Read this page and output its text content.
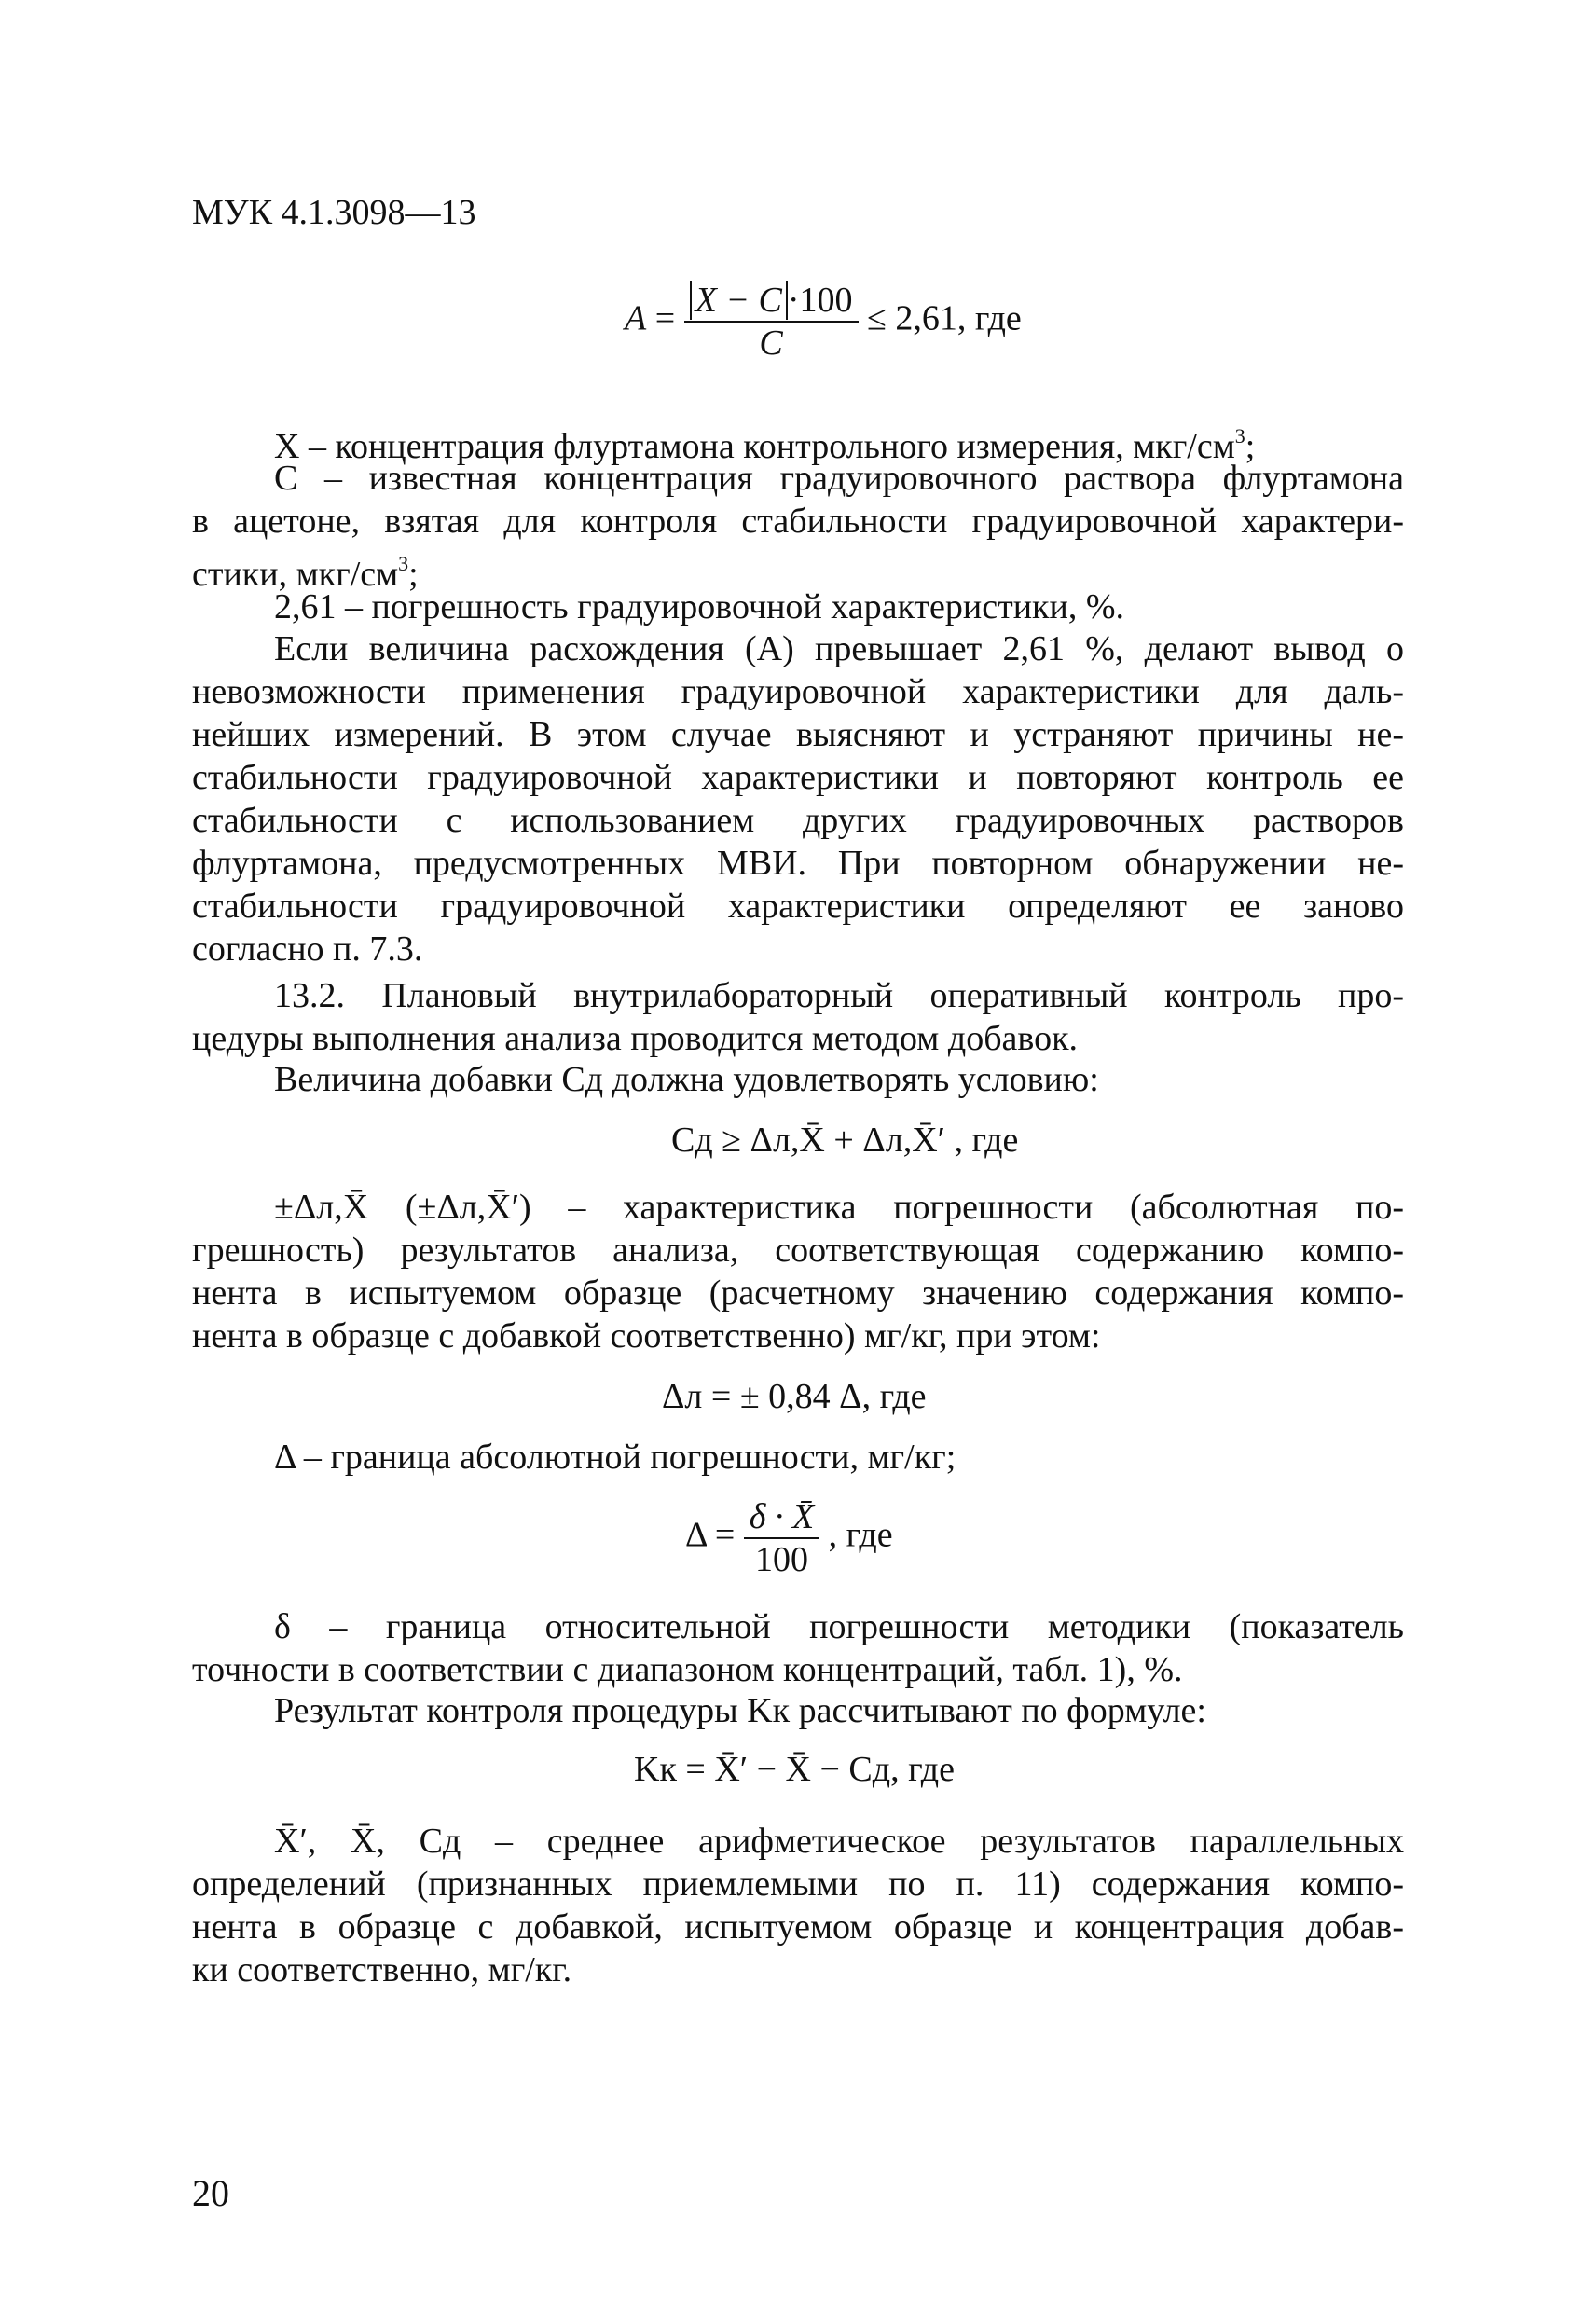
МУК 4.1.3098—13
$A = \frac{X - C \cdot 100}{C} \le 2,61$, где
X – концентрация флуртамона контрольного измерения, мкг/$см^3$;
С – известная концентрация градуировочного раствора флуртамона
в ацетоне, взятая для контроля стабильности градуировочной характери-
стики, мкг/$см^3$;
2,61 – погрешность градуировочной характеристики, %.
Если величина расхождения (A) превышает 2,61 %, делают вывод о
невозможности применения градуировочной характеристики для даль-
нейших измерений. В этом случае выясняют и устраняют причины не-
стабильности градуировочной характеристики и повторяют контроль ее
стабильности с использованием других градуировочных растворов
флуртамона, предусмотренных МВИ. При повторном обнаружении не-
стабильности градуировочной характеристики определяют ее заново
согласно п. 7.3.
13.2. Плановый внутрилабораторный оперативный контроль про-
цедуры выполнения анализа проводится методом добавок.
Величина добавки Cд должна удовлетворять условию:
Cд ≥ Δл,X̄ + Δл,X̄′ , где
±Δл,X̄ (±Δл,X̄′) – характеристика погрешности (абсолютная по-
грешность) результатов анализа, соответствующая содержанию компо-
нента в испытуемом образце (расчетному значению содержания компо-
нента в образце с добавкой соответственно) мг/кг, при этом:
Δл = ± 0,84 Δ, где
Δ – граница абсолютной погрешности, мг/кг;
$\Delta = \frac{\delta \cdot X̄}{100}$ , где
δ – граница относительной погрешности методики (показатель
точности в соответствии с диапазоном концентраций, табл. 1), %.
Результат контроля процедуры Kк рассчитывают по формуле:
Kк = X̄′ − X̄ − Cд, где
X̄′, X̄, Cд – среднее арифметическое результатов параллельных
определений (признанных приемлемыми по п. 11) содержания компо-
нента в образце с добавкой, испытуемом образце и концентрация добав-
ки соответственно, мг/кг.
20
